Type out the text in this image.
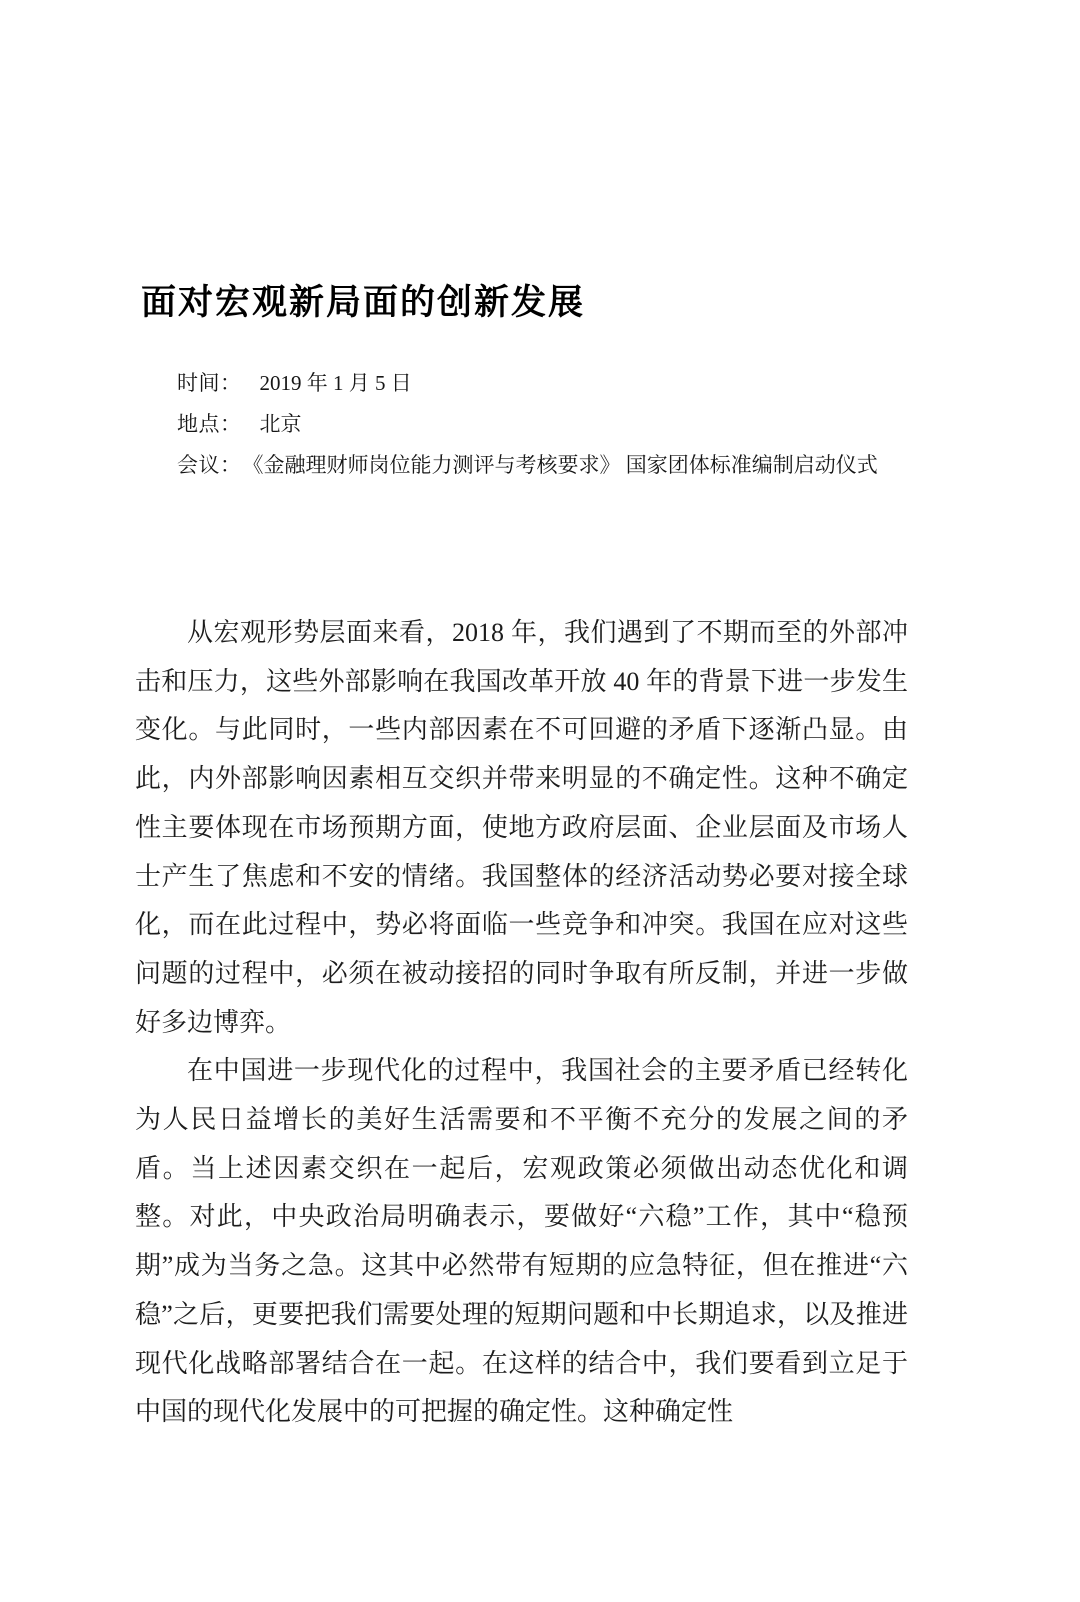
面对宏观新局面的创新发展
时间： 2019 年 1 月 5 日
地点： 北京
会议： 《金融理财师岗位能力测评与考核要求》 国家团体标准编制启动仪式

从宏观形势层面来看，2018 年，我们遇到了不期而至的外部冲击和压力，这些外部影响在我国改革开放 40 年的背景下进一步发生变化。与此同时，一些内部因素在不可回避的矛盾下逐渐凸显。由此，内外部影响因素相互交织并带来明显的不确定性。这种不确定性主要体现在市场预期方面，使地方政府层面、企业层面及市场人士产生了焦虑和不安的情绪。我国整体的经济活动势必要对接全球化，而在此过程中，势必将面临一些竞争和冲突。我国在应对这些问题的过程中，必须在被动接招的同时争取有所反制，并进一步做好多边博弈。

在中国进一步现代化的过程中，我国社会的主要矛盾已经转化为人民日益增长的美好生活需要和不平衡不充分的发展之间的矛盾。当上述因素交织在一起后，宏观政策必须做出动态优化和调整。对此，中央政治局明确表示，要做好“六稳”工作，其中“稳预期”成为当务之急。这其中必然带有短期的应急特征，但在推进“六稳”之后，更要把我们需要处理的短期问题和中长期追求，以及推进现代化战略部署结合在一起。在这样的结合中，我们要看到立足于中国的现代化发展中的可把握的确定性。这种确定性
